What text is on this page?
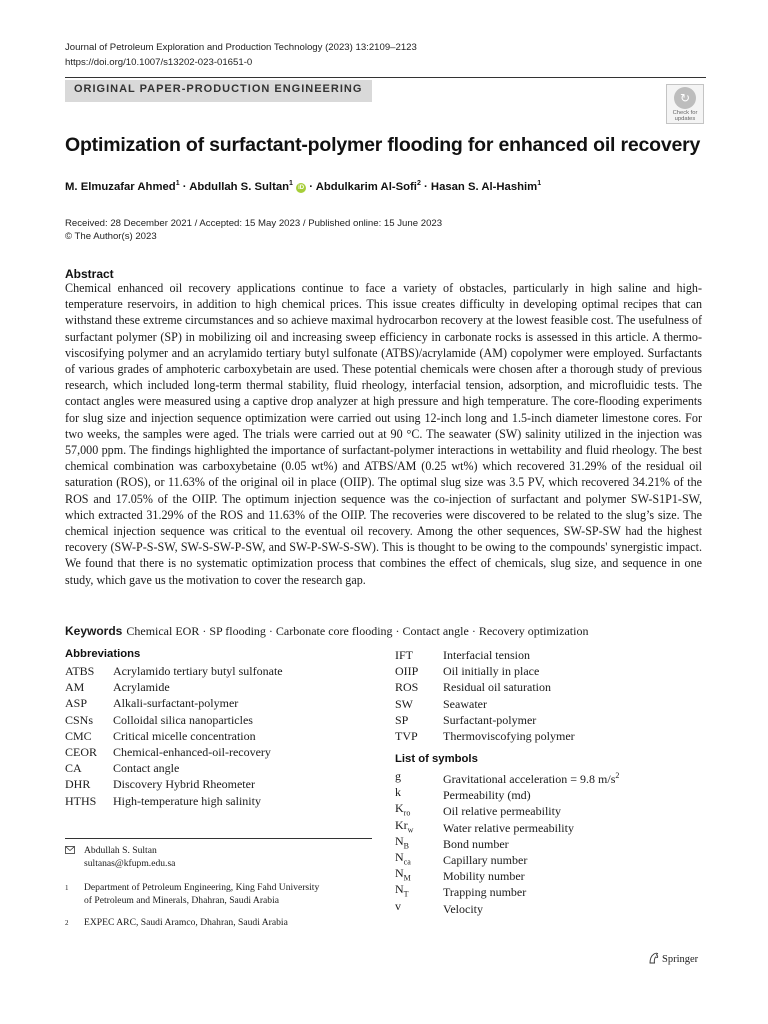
Journal of Petroleum Exploration and Production Technology (2023) 13:2109–2123
https://doi.org/10.1007/s13202-023-01651-0
ORIGINAL PAPER-PRODUCTION ENGINEERING
↻
Check for
updates
Optimization of surfactant-polymer flooding for enhanced oil recovery
M. Elmuzafar Ahmed$^1$ · Abdullah S. Sultan$^1$ iD · Abdulkarim Al-Sofi$^2$ · Hasan S. Al-Hashim$^1$
Received: 28 December 2021 / Accepted: 15 May 2023 / Published online: 15 June 2023
© The Author(s) 2023
Abstract
Chemical enhanced oil recovery applications continue to face a variety of obstacles, particularly in high saline and high-temperature reservoirs, in addition to high chemical prices. This issue creates difficulty in developing optimal recipes that can withstand these extreme circumstances and so achieve maximal hydrocarbon recovery at the lowest feasible cost. The usefulness of surfactant polymer (SP) in mobilizing oil and increasing sweep efficiency in carbonate rocks is assessed in this article. A thermo-viscosifying polymer and an acrylamido tertiary butyl sulfonate (ATBS)/acrylamide (AM) copolymer were employed. Surfactants of various grades of amphoteric carboxybetain are used. These potential chemicals were chosen after a thorough study of previous research, which included long-term thermal stability, fluid rheology, interfacial tension, adsorption, and microfluidic tests. The contact angles were measured using a captive drop analyzer at high pressure and high temperature. The core-flooding experiments for slug size and injection sequence optimization were carried out using 12-inch long and 1.5-inch diameter limestone cores. For two weeks, the samples were aged. The trials were carried out at 90 °C. The seawater (SW) salinity utilized in the injection was 57,000 ppm. The findings highlighted the importance of surfactant-polymer interactions in wettability and fluid rheology. The best chemical combination was carboxybetaine (0.05 wt%) and ATBS/AM (0.25 wt%) which recovered 31.29% of the residual oil saturation (ROS), or 11.63% of the original oil in place (OIIP). The optimal slug size was 3.5 PV, which recovered 34.21% of the ROS and 17.05% of the OIIP. The optimum injection sequence was the co-injection of surfactant and polymer SW-S1P1-SW, which extracted 31.29% of the ROS and 11.63% of the OIIP. The recoveries were discovered to be related to the slug’s size. The chemical injection sequence was critical to the eventual oil recovery. Among the other sequences, SW-SP-SW had the highest recovery (SW-P-S-SW, SW-S-SW-P-SW, and SW-P-SW-S-SW). This is thought to be owing to the compounds' synergistic impact. We found that there is no systematic optimization process that combines the effect of chemicals, slug size, and sequence in one study, which gave us the motivation to cover the research gap.
Keywords Chemical EOR · SP flooding · Carbonate core flooding · Contact angle · Recovery optimization
Abbreviations
ATBS	Acrylamido tertiary butyl sulfonate
AM	Acrylamide
ASP	Alkali-surfactant-polymer
CSNs	Colloidal silica nanoparticles
CMC	Critical micelle concentration
CEOR	Chemical-enhanced-oil-recovery
CA	Contact angle
DHR	Discovery Hybrid Rheometer
HTHS	High-temperature high salinity
IFT	Interfacial tension
OIIP	Oil initially in place
ROS	Residual oil saturation
SW	Seawater
SP	Surfactant-polymer
TVP	Thermoviscofying polymer
List of symbols
g	Gravitational acceleration = 9.8 $m/s^2$
k	Permeability (md)
$K_{ro}$	Oil relative permeability
$Kr_w$	Water relative permeability
$N_B$	Bond number
$N_{ca}$	Capillary number
$N_M$	Mobility number
$N_T$	Trapping number
v	Velocity
Abdullah S. Sultan
sultanas@kfupm.edu.sa
1 Department of Petroleum Engineering, King Fahd University
of Petroleum and Minerals, Dhahran, Saudi Arabia
2 EXPEC ARC, Saudi Aramco, Dhahran, Saudi Arabia
Springer
